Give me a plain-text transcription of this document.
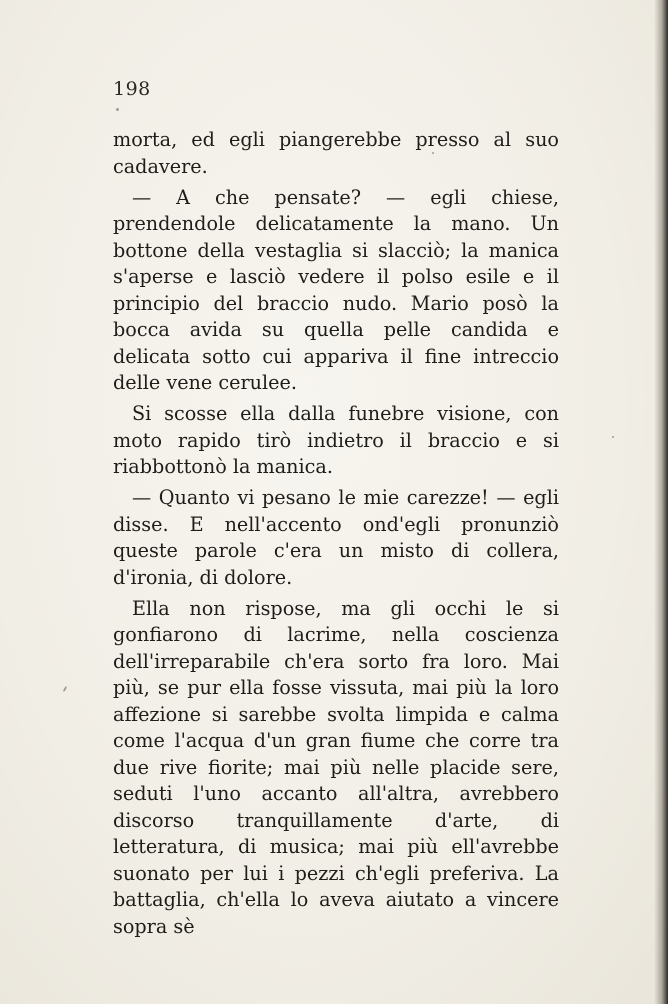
198

morta, ed egli piangerebbe presso al suo cadavere.

— A che pensate? — egli chiese, prendendole delicatamente la mano. Un bottone della vestaglia si slacciò; la manica s'aperse e lasciò vedere il polso esile e il principio del braccio nudo. Mario posò la bocca avida su quella pelle candida e delicata sotto cui appariva il fine intreccio delle vene cerulee.

Si scosse ella dalla funebre visione, con moto rapido tirò indietro il braccio e si riabbottonò la manica.

— Quanto vi pesano le mie carezze! — egli disse. E nell'accento ond'egli pronunziò queste parole c'era un misto di collera, d'ironia, di dolore.

Ella non rispose, ma gli occhi le si gonfiarono di lacrime, nella coscienza dell'irreparabile ch'era sorto fra loro. Mai più, se pur ella fosse vissuta, mai più la loro affezione si sarebbe svolta limpida e calma come l'acqua d'un gran fiume che corre tra due rive fiorite; mai più nelle placide sere, seduti l'uno accanto all'altra, avrebbero discorso tranquillamente d'arte, di letteratura, di musica; mai più ell'avrebbe suonato per lui i pezzi ch'egli preferiva. La battaglia, ch'ella lo aveva aiutato a vincere sopra sè
